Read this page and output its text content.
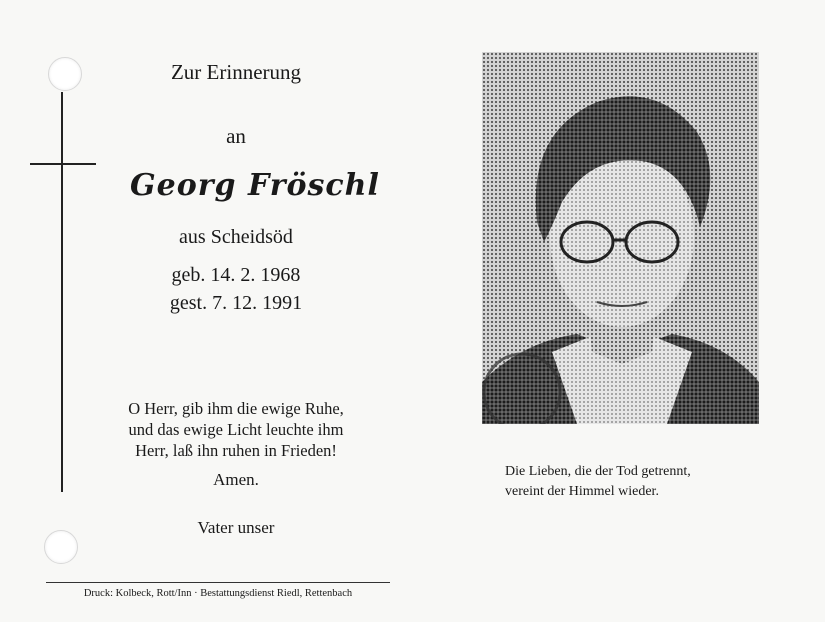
Zur Erinnerung
an
Georg Fröschl
aus Scheidsöd
geb. 14. 2. 1968
gest. 7. 12. 1991
O Herr, gib ihm die ewige Ruhe,
und das ewige Licht leuchte ihm
Herr, laß ihn ruhen in Frieden!
Amen.
Vater unser
Druck: Kolbeck, Rott/Inn · Bestattungsdienst Riedl, Rettenbach
Die Lieben, die der Tod getrennt,
vereint der Himmel wieder.
